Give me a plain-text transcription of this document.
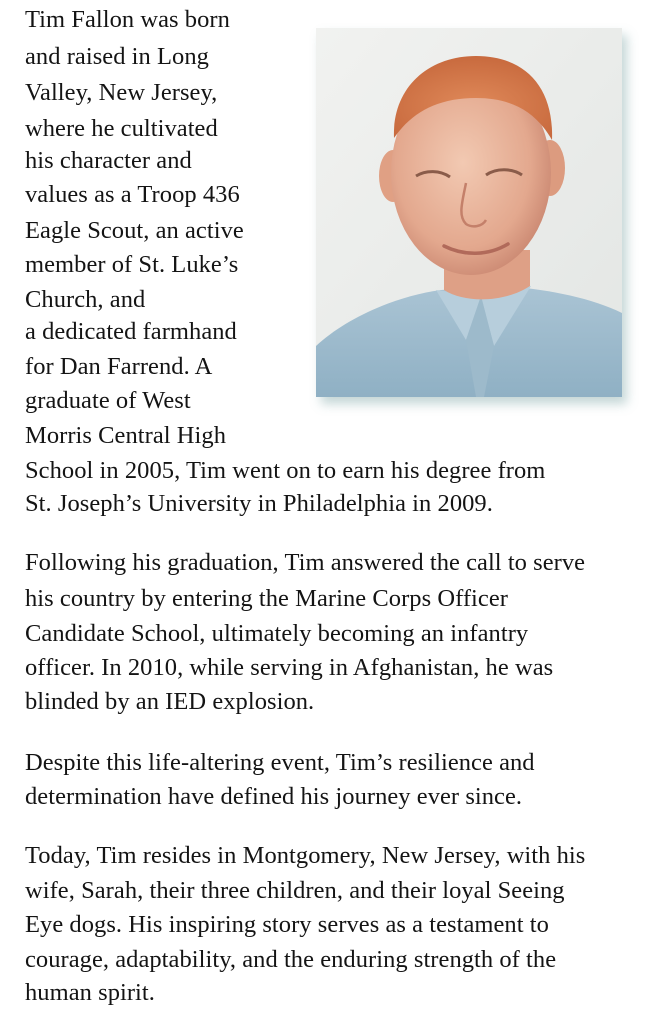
Tim Fallon was born
and raised in Long
Valley, New Jersey,
where he cultivated
his character and
values as a Troop 436
Eagle Scout, an active
member of St. Luke’s
Church, and
a dedicated farmhand
for Dan Farrend. A
graduate of West
Morris Central High
School in 2005, Tim went on to earn his degree from
St. Joseph’s University in Philadelphia in 2009.
Following his graduation, Tim answered the call to serve
his country by entering the Marine Corps Officer
Candidate School, ultimately becoming an infantry
officer. In 2010, while serving in Afghanistan, he was
blinded by an IED explosion.
Despite this life-altering event, Tim’s resilience and
determination have defined his journey ever since.
Today, Tim resides in Montgomery, New Jersey, with his
wife, Sarah, their three children, and their loyal Seeing
Eye dogs. His inspiring story serves as a testament to
courage, adaptability, and the enduring strength of the
human spirit.
